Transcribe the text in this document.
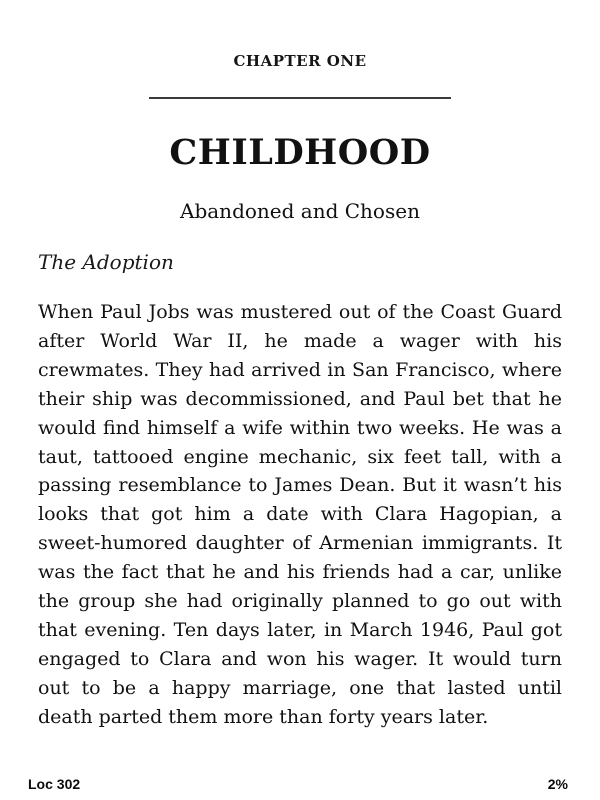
CHAPTER ONE
CHILDHOOD
Abandoned and Chosen
The Adoption

When Paul Jobs was mustered out of the Coast Guard after World War II, he made a wager with his crewmates. They had arrived in San Francisco, where their ship was decommissioned, and Paul bet that he would find himself a wife within two weeks. He was a taut, tattooed engine mechanic, six feet tall, with a passing resemblance to James Dean. But it wasn’t his looks that got him a date with Clara Hagopian, a sweet-humored daughter of Armenian immigrants. It was the fact that he and his friends had a car, unlike the group she had originally planned to go out with that evening. Ten days later, in March 1946, Paul got engaged to Clara and won his wager. It would turn out to be a happy marriage, one that lasted until death parted them more than forty years later.

Loc 302	2%
